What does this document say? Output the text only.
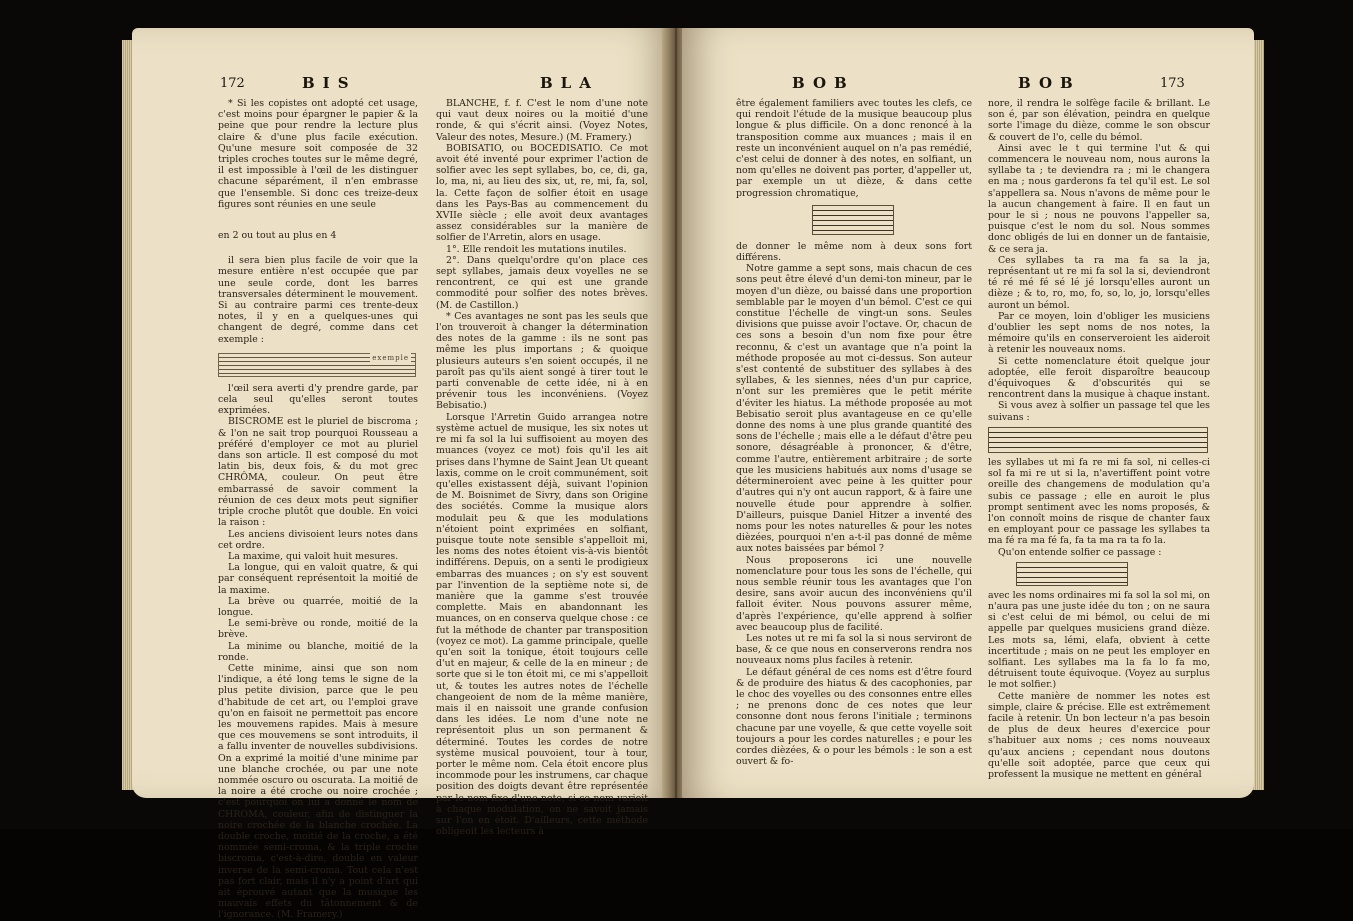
172	BIS	BLA

* Si les copistes ont adopté cet usage, c'est moins pour épargner le papier & la peine que pour rendre la lecture plus claire & d'une plus facile exécution. Qu'une mesure soit composée de 32 triples croches toutes sur le même degré, il est impossible à l'œil de les distinguer chacune séparément, il n'en embrasse que l'ensemble. Si donc ces treize-deux figures sont réunies en une seule

en 2 ou tout au plus en 4

il sera bien plus facile de voir que la mesure entière n'est occupée que par une seule corde, dont les barres transversales déterminent le mouvement. Si au contraire parmi ces trente-deux notes, il y en a quelques-unes qui changent de degré, comme dans cet exemple :

exemple

l'œil sera averti d'y prendre garde, par cela seul qu'elles seront toutes exprimées.

BISCROME est le pluriel de biscroma ; & l'on ne sait trop pourquoi Rousseau a préféré d'employer ce mot au pluriel dans son article. Il est composé du mot latin bis, deux fois, & du mot grec CHRÔMA, couleur. On peut être embarrassé de savoir comment la réunion de ces deux mots peut signifier triple croche plutôt que double. En voici la raison :

Les anciens divisoient leurs notes dans cet ordre.

La maxime, qui valoit huit mesures.

La longue, qui en valoit quatre, & qui par conséquent représentoit la moitié de la maxime.

La brève ou quarrée, moitié de la longue.

Le semi-brève ou ronde, moitié de la brève.

La minime ou blanche, moitié de la ronde.

Cette minime, ainsi que son nom l'indique, a été long tems le signe de la plus petite division, parce que le peu d'habitude de cet art, ou l'emploi grave qu'on en faisoit ne permettoit pas encore les mouvemens rapides. Mais à mesure que ces mouvemens se sont introduits, il a fallu inventer de nouvelles subdivisions. On a exprimé la moitié d'une minime par une blanche crochée, ou par une note nommée oscuro ou oscurata. La moitié de la noire a été croche ou noire crochée ; c'est pourquoi on lui a donné le nom de CHROMA, couleur, afin de distinguer la noire crochée de la blanche crochée. La double croche, moitié de la croche, a été nommée semi-croma, & la triple croche biscroma, c'est-à-dire, double en valeur inverse de la semi-croma. Tout cela n'est pas fort clair, mais il n'y a point d'art qui ait éprouvé autant que la musique les mauvais effets du tâtonnement & de l'ignorance. (M. Framery.)

BLANCHE, f. f. C'est le nom d'une note qui vaut deux noires ou la moitié d'une ronde, & qui s'écrit ainsi. (Voyez Notes, Valeur des notes, Mesure.) (M. Framery.)

BOBISATIO, ou BOCEDISATIO. Ce mot avoit été inventé pour exprimer l'action de solfier avec les sept syllabes, bo, ce, di, ga, lo, ma, ni, au lieu des six, ut, re, mi, fa, sol, la. Cette façon de solfier étoit en usage dans les Pays-Bas au commencement du XVIIe siècle ; elle avoit deux avantages assez considérables sur la manière de solfier de l'Arretin, alors en usage.

1°. Elle rendoit les mutations inutiles.

2°. Dans quelqu'ordre qu'on place ces sept syllabes, jamais deux voyelles ne se rencontrent, ce qui est une grande commodité pour solfier des notes brèves. (M. de Castillon.)

* Ces avantages ne sont pas les seuls que l'on trouveroit à changer la détermination des notes de la gamme : ils ne sont pas même les plus importans ; & quoique plusieurs auteurs s'en soient occupés, il ne paroît pas qu'ils aient songé à tirer tout le parti convenable de cette idée, ni à en prévenir tous les inconvéniens. (Voyez Bebisatio.)

Lorsque l'Arretin Guido arrangea notre système actuel de musique, les six notes ut re mi fa sol la lui suffisoient au moyen des muances (voyez ce mot) fois qu'il les ait prises dans l'hymne de Saint Jean Ut queant laxis, comme on le croit communément, soit qu'elles existassent déjà, suivant l'opinion de M. Boisnimet de Sivry, dans son Origine des sociétés. Comme la musique alors modulait peu & que les modulations n'étoient point exprimées en solfiant, puisque toute note sensible s'appelloit mi, les noms des notes étoient vis-à-vis bientôt indifférens. Depuis, on a senti le prodigieux embarras des muances ; on s'y est souvent par l'invention de la septième note si, de manière que la gamme s'est trouvée complette. Mais en abandonnant les muances, on en conserva quelque chose : ce fut la méthode de chanter par transposition (voyez ce mot). La gamme principale, quelle qu'en soit la tonique, étoit toujours celle d'ut en majeur, & celle de la en mineur ; de sorte que si le ton étoit mi, ce mi s'appelloit ut, & toutes les autres notes de l'échelle changeoient de nom de la même manière, mais il en naissoit une grande confusion dans les idées. Le nom d'une note ne représentoit plus un son permanent & déterminé. Toutes les cordes de notre système musical pouvoient, tour à tour, porter le même nom. Cela étoit encore plus incommode pour les instrumens, car chaque position des doigts devant être représentée par le nom fixe d'une note, si ce nom varioit à chaque modulation, on ne savoit jamais sur l'on en étoit. D'ailleurs, cette méthode obligeoit les lecteurs à

BOB	BOB	173

être également familiers avec toutes les clefs, ce qui rendoit l'étude de la musique beaucoup plus longue & plus difficile. On a donc renoncé à la transposition comme aux muances ; mais il en reste un inconvénient auquel on n'a pas remédié, c'est celui de donner à des notes, en solfiant, un nom qu'elles ne doivent pas porter, d'appeller ut, par exemple un ut dièze, & dans cette progression chromatique,

de donner le même nom à deux sons fort différens.

Notre gamme a sept sons, mais chacun de ces sons peut être élevé d'un demi-ton mineur, par le moyen d'un dièze, ou baissé dans une proportion semblable par le moyen d'un bémol. C'est ce qui constitue l'échelle de vingt-un sons. Seules divisions que puisse avoir l'octave. Or, chacun de ces sons a besoin d'un nom fixe pour être reconnu, & c'est un avantage que n'a point la méthode proposée au mot ci-dessus. Son auteur s'est contenté de substituer des syllabes à des syllabes, & les siennes, nées d'un pur caprice, n'ont sur les premières que le petit mérite d'éviter les hiatus. La méthode proposée au mot Bebisatio seroit plus avantageuse en ce qu'elle donne des noms à une plus grande quantité des sons de l'échelle ; mais elle a le défaut d'être peu sonore, désagréable à prononcer, & d'être, comme l'autre, entièrement arbitraire ; de sorte que les musiciens habitués aux noms d'usage se détermineroient avec peine à les quitter pour d'autres qui n'y ont aucun rapport, & à faire une nouvelle étude pour apprendre à solfier. D'ailleurs, puisque Daniel Hitzer a inventé des noms pour les notes naturelles & pour les notes dièzées, pourquoi n'en a-t-il pas donné de même aux notes baissées par bémol ?

Nous proposerons ici une nouvelle nomenclature pour tous les sons de l'échelle, qui nous semble réunir tous les avantages que l'on desire, sans avoir aucun des inconvéniens qu'il falloit éviter. Nous pouvons assurer même, d'après l'expérience, qu'elle apprend à solfier avec beaucoup plus de facilité.

Les notes ut re mi fa sol la si nous serviront de base, & ce que nous en conserverons rendra nos nouveaux noms plus faciles à retenir.

Le défaut général de ces noms est d'être fourd & de produire des hiatus & des cacophonies, par le choc des voyelles ou des consonnes entre elles ; ne prenons donc de ces notes que leur consonne dont nous ferons l'initiale ; terminons chacune par une voyelle, & que cette voyelle soit toujours a pour les cordes naturelles ; e pour les cordes dièzées, & o pour les bémols : le son a est ouvert & fo-

nore, il rendra le solfège facile & brillant. Le son é, par son élévation, peindra en quelque sorte l'image du dièze, comme le son obscur & couvert de l'o, celle du bémol.

Ainsi avec le t qui termine l'ut & qui commencera le nouveau nom, nous aurons la syllabe ta ; te deviendra ra ; mi le changera en ma ; nous garderons fa tel qu'il est. Le sol s'appellera sa. Nous n'avons de même pour le la aucun changement à faire. Il en faut un pour le si ; nous ne pouvons l'appeller sa, puisque c'est le nom du sol. Nous sommes donc obligés de lui en donner un de fantaisie, & ce sera ja.

Ces syllabes ta ra ma fa sa la ja, représentant ut re mi fa sol la si, deviendront té ré mé fé sé lé jé lorsqu'elles auront un dièze ; & to, ro, mo, fo, so, lo, jo, lorsqu'elles auront un bémol.

Par ce moyen, loin d'obliger les musiciens d'oublier les sept noms de nos notes, la mémoire qu'ils en conserveroient les aideroit à retenir les nouveaux noms.

Si cette nomenclature étoit quelque jour adoptée, elle feroit disparoître beaucoup d'équivoques & d'obscurités qui se rencontrent dans la musique à chaque instant.

Si vous avez à solfier un passage tel que les suivans :

les syllabes ut mi fa re mi fa sol, ni celles-ci sol fa mi re ut si la, n'avertiffent point votre oreille des changemens de modulation qu'a subis ce passage ; elle en auroit le plus prompt sentiment avec les noms proposés, & l'on connoît moins de risque de chanter faux en employant pour ce passage les syllabes ta ma fé ra ma fé fa, fa ta ma ra ta fo la.

Qu'on entende solfier ce passage :

avec les noms ordinaires mi fa sol la sol mi, on n'aura pas une juste idée du ton ; on ne saura si c'est celui de mi bémol, ou celui de mi appelle par quelques musiciens grand dièze. Les mots sa, lémi, elafa, obvient à cette incertitude ; mais on ne peut les employer en solfiant. Les syllabes ma la fa lo fa mo, détruisent toute équivoque. (Voyez au surplus le mot solfier.)

Cette manière de nommer les notes est simple, claire & précise. Elle est extrêmement facile à retenir. Un bon lecteur n'a pas besoin de plus de deux heures d'exercice pour s'habituer aux noms ; ces noms nouveaux qu'aux anciens ; cependant nous doutons qu'elle soit adoptée, parce que ceux qui professent la musique ne mettent en général
